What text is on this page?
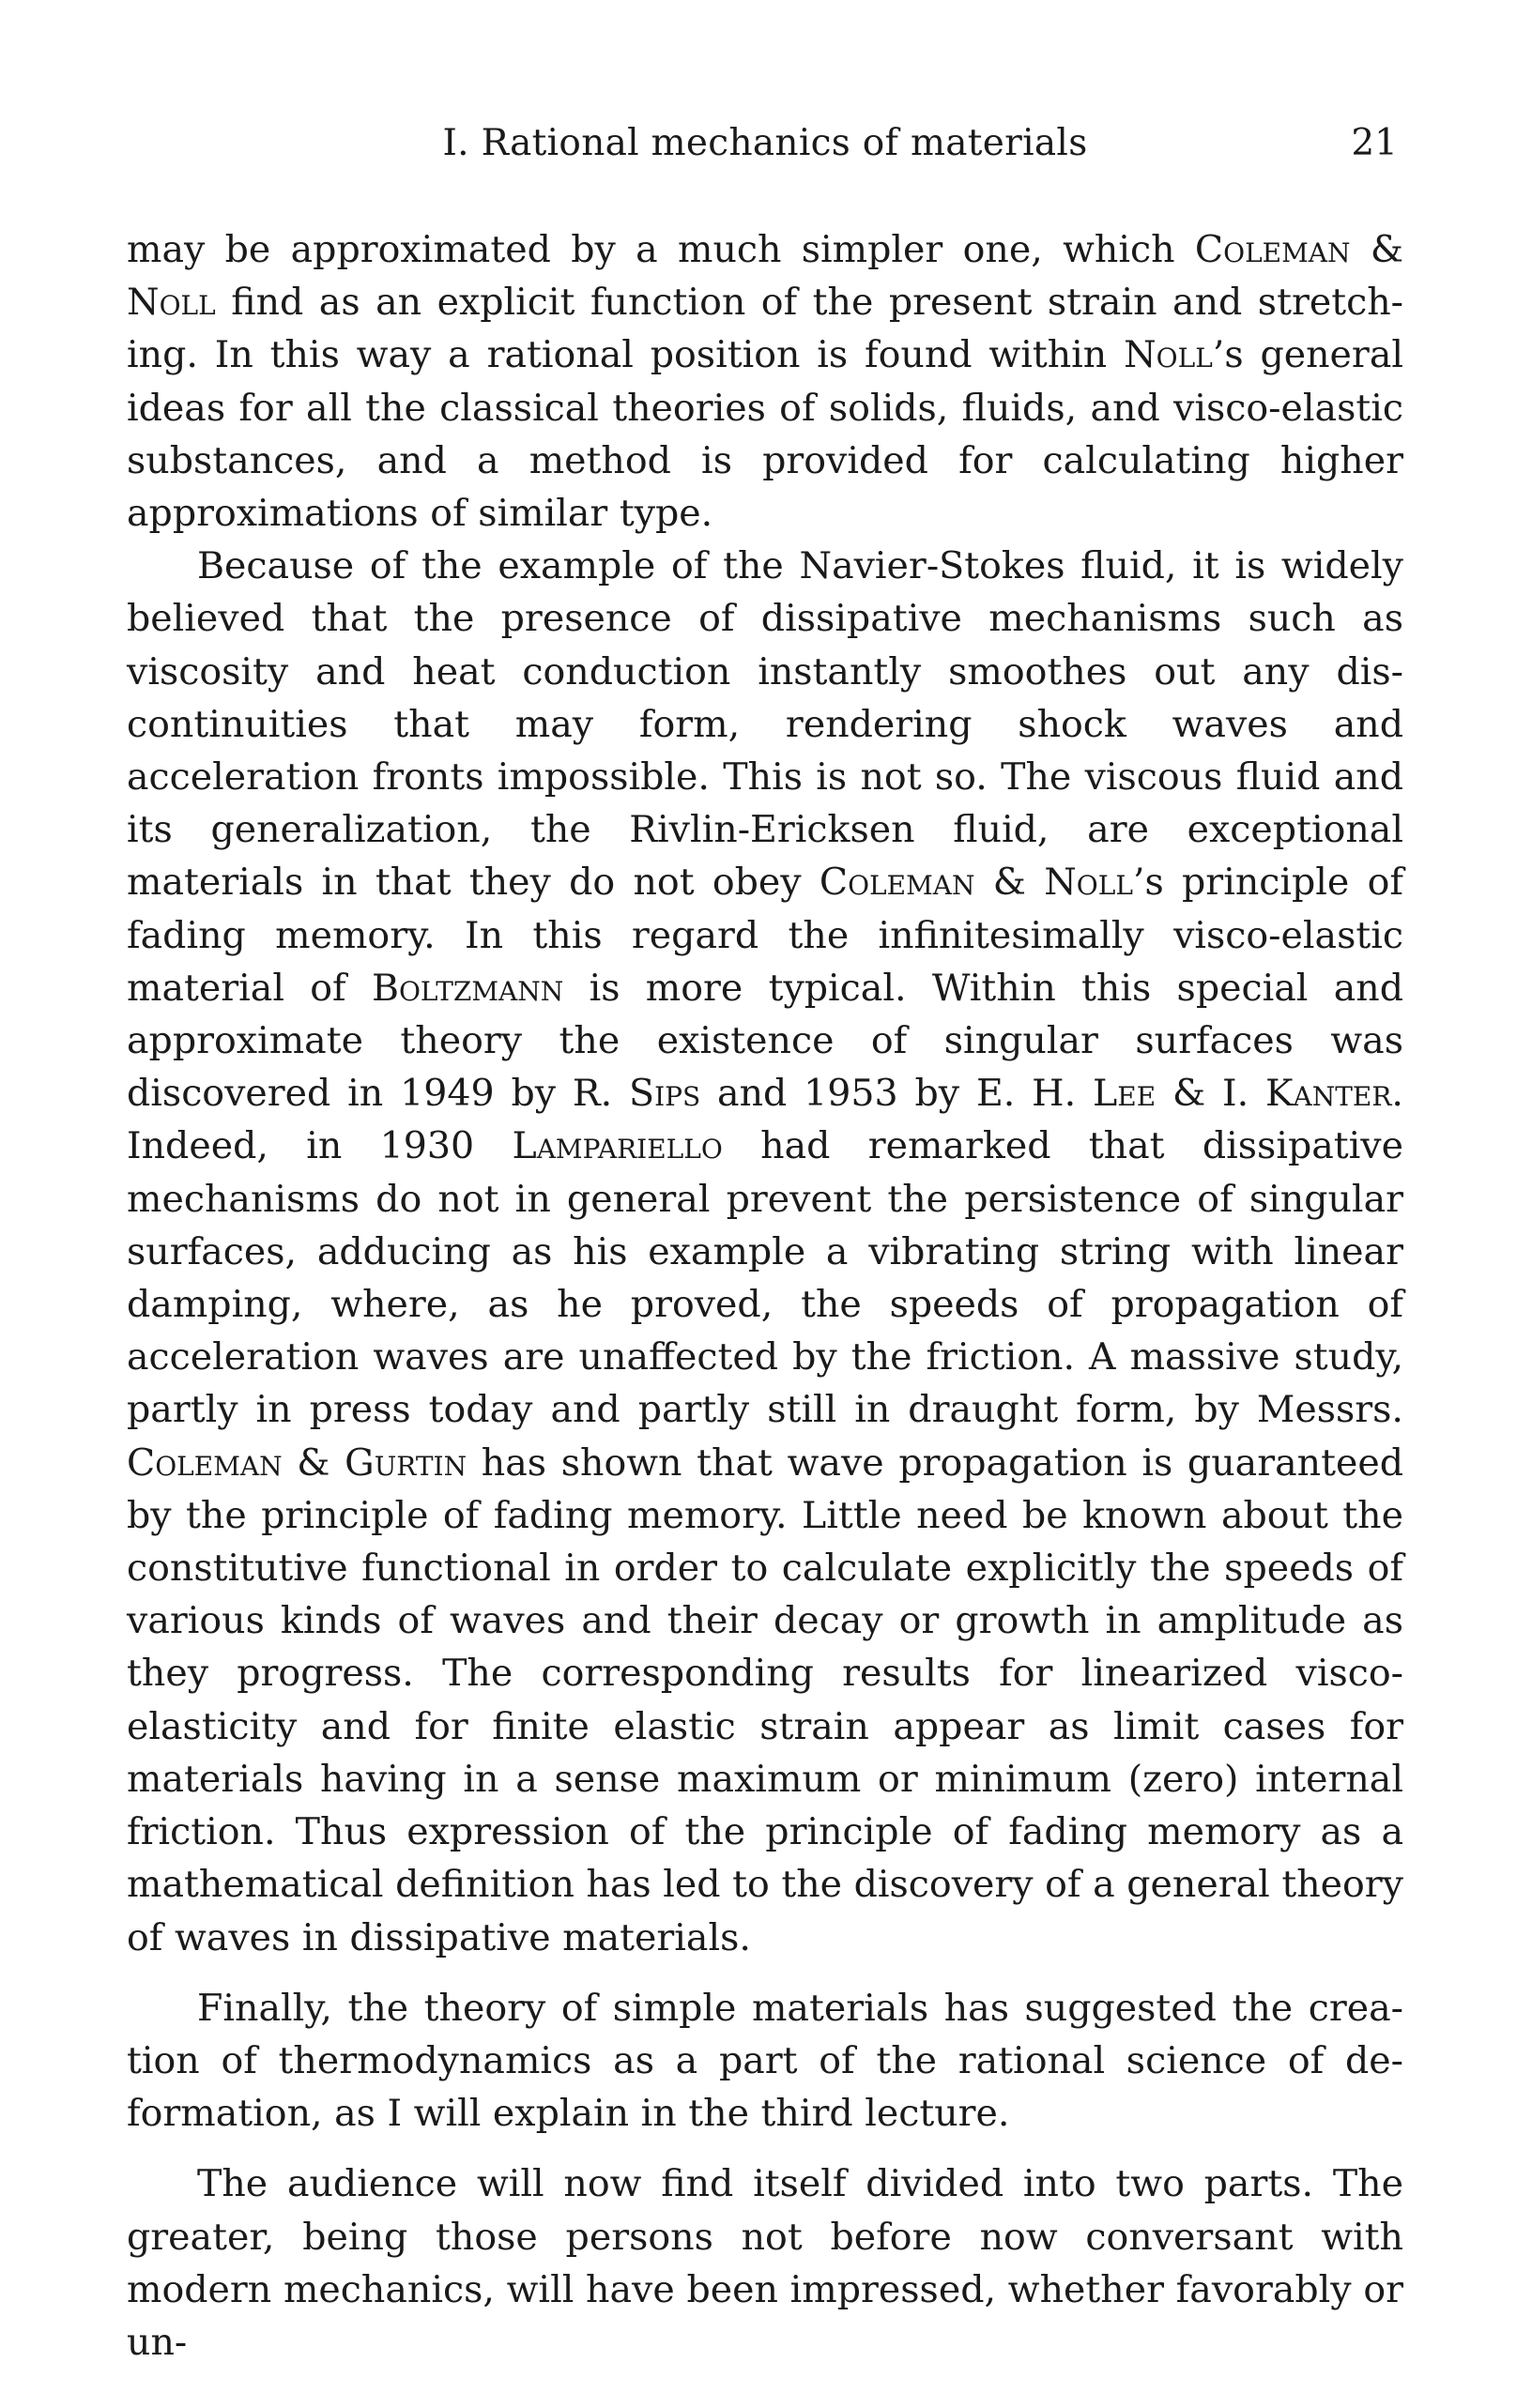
I. Rational mechanics of materials	21

may be approximated by a much simpler one, which Coleman & Noll find as an explicit function of the present strain and stretching. In this way a rational position is found within Noll’s general ideas for all the classical theories of solids, fluids, and visco-elastic substances, and a method is provided for calculating higher approximations of similar type.

Because of the example of the Navier-Stokes fluid, it is widely believed that the presence of dissipative mechanisms such as viscosity and heat conduction instantly smoothes out any discontinuities that may form, rendering shock waves and acceleration fronts impossible. This is not so. The viscous fluid and its generalization, the Rivlin-Ericksen fluid, are exceptional materials in that they do not obey Coleman & Noll’s principle of fading memory. In this regard the infinitesimally visco-elastic material of Boltzmann is more typical. Within this special and approximate theory the existence of singular surfaces was discovered in 1949 by R. Sips and 1953 by E. H. Lee & I. Kanter. Indeed, in 1930 Lampariello had remarked that dissipative mechanisms do not in general prevent the persistence of singular surfaces, adducing as his example a vibrating string with linear damping, where, as he proved, the speeds of propagation of acceleration waves are unaffected by the friction. A massive study, partly in press today and partly still in draught form, by Messrs. Coleman & Gurtin has shown that wave propagation is guaranteed by the principle of fading memory. Little need be known about the constitutive functional in order to calculate explicitly the speeds of various kinds of waves and their decay or growth in amplitude as they progress. The corresponding results for linearized visco-elasticity and for finite elastic strain appear as limit cases for materials having in a sense maximum or minimum (zero) internal friction. Thus expression of the principle of fading memory as a mathematical definition has led to the discovery of a general theory of waves in dissipative materials.

Finally, the theory of simple materials has suggested the creation of thermodynamics as a part of the rational science of deformation, as I will explain in the third lecture.

The audience will now find itself divided into two parts. The greater, being those persons not before now conversant with modern mechanics, will have been impressed, whether favorably or un-
